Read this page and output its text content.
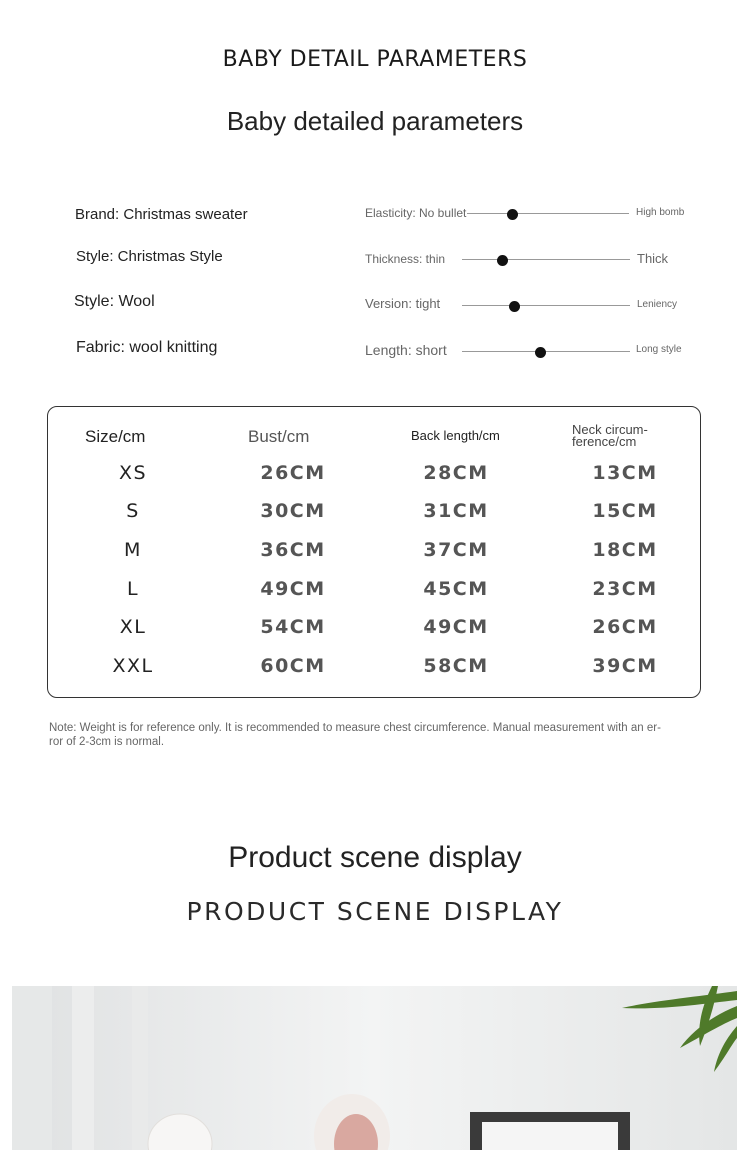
BABY DETAIL PARAMETERS
Baby detailed parameters
Brand: Christmas sweater
Style: Christmas Style
Style: Wool
Fabric: wool knitting
Elasticity: No bullet	High bomb
Thickness: thin	Thick
Version: tight	Leniency
Length: short	Long style
Size/cm	Bust/cm	Back length/cm	Neck circum-
ference/cm
XS	26CM	28CM	13CM
S	30CM	31CM	15CM
M	36CM	37CM	18CM
L	49CM	45CM	23CM
XL	54CM	49CM	26CM
XXL	60CM	58CM	39CM
Note: Weight is for reference only. It is recommended to measure chest circumference. Manual measurement with an er-
ror of 2-3cm is normal.
Product scene display
PRODUCT SCENE DISPLAY
